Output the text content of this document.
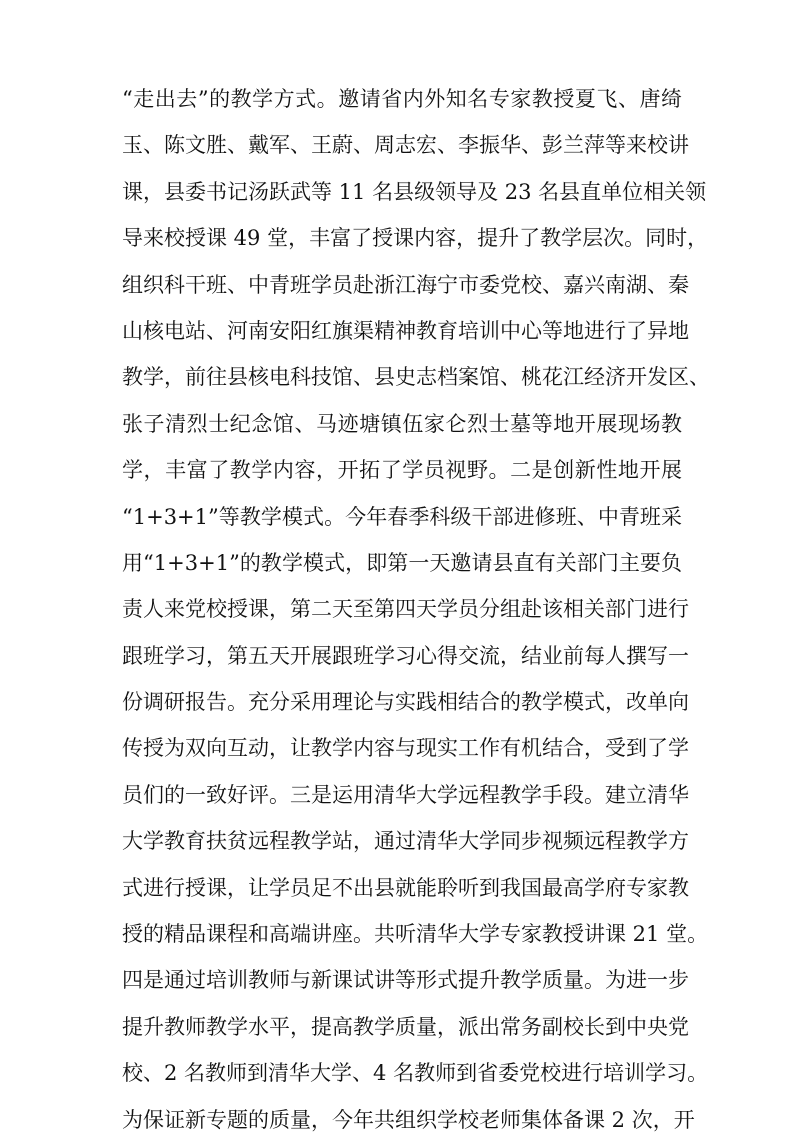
“走出去”的教学方式。邀请省内外知名专家教授夏飞、唐绮
玉、陈文胜、戴军、王蔚、周志宏、李振华、彭兰萍等来校讲
课，县委书记汤跃武等 11 名县级领导及 23 名县直单位相关领
导来校授课 49 堂，丰富了授课内容，提升了教学层次。同时，
组织科干班、中青班学员赴浙江海宁市委党校、嘉兴南湖、秦
山核电站、河南安阳红旗渠精神教育培训中心等地进行了异地
教学，前往县核电科技馆、县史志档案馆、桃花江经济开发区、
张子清烈士纪念馆、马迹塘镇伍家仑烈士墓等地开展现场教
学，丰富了教学内容，开拓了学员视野。二是创新性地开展
“1+3+1”等教学模式。今年春季科级干部进修班、中青班采
用“1+3+1”的教学模式，即第一天邀请县直有关部门主要负
责人来党校授课，第二天至第四天学员分组赴该相关部门进行
跟班学习，第五天开展跟班学习心得交流，结业前每人撰写一
份调研报告。充分采用理论与实践相结合的教学模式，改单向
传授为双向互动，让教学内容与现实工作有机结合，受到了学
员们的一致好评。三是运用清华大学远程教学手段。建立清华
大学教育扶贫远程教学站，通过清华大学同步视频远程教学方
式进行授课，让学员足不出县就能聆听到我国最高学府专家教
授的精品课程和高端讲座。共听清华大学专家教授讲课 21 堂。
四是通过培训教师与新课试讲等形式提升教学质量。为进一步
提升教师教学水平，提高教学质量，派出常务副校长到中央党
校、2 名教师到清华大学、4 名教师到省委党校进行培训学习。
为保证新专题的质量，今年共组织学校老师集体备课 2 次，开
